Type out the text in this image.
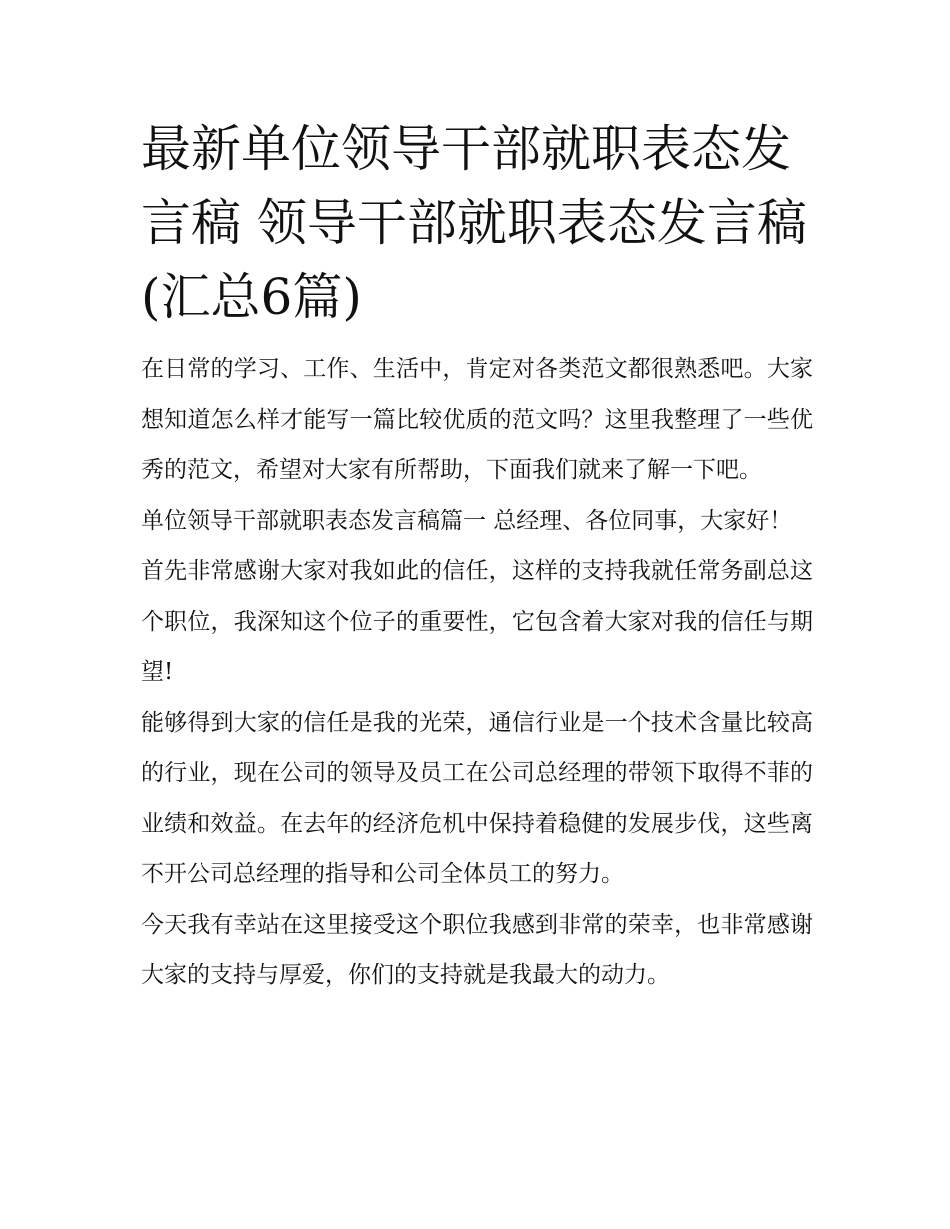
最新单位领导干部就职表态发言稿 领导干部就职表态发言稿(汇总6篇)

在日常的学习、工作、生活中，肯定对各类范文都很熟悉吧。大家想知道怎么样才能写一篇比较优质的范文吗？这里我整理了一些优秀的范文，希望对大家有所帮助，下面我们就来了解一下吧。

单位领导干部就职表态发言稿篇一 总经理、各位同事，大家好！

首先非常感谢大家对我如此的信任，这样的支持我就任常务副总这个职位，我深知这个位子的重要性，它包含着大家对我的信任与期望!

能够得到大家的信任是我的光荣，通信行业是一个技术含量比较高的行业，现在公司的领导及员工在公司总经理的带领下取得不菲的业绩和效益。在去年的经济危机中保持着稳健的发展步伐，这些离不开公司总经理的指导和公司全体员工的努力。

今天我有幸站在这里接受这个职位我感到非常的荣幸，也非常感谢大家的支持与厚爱，你们的支持就是我最大的动力。
